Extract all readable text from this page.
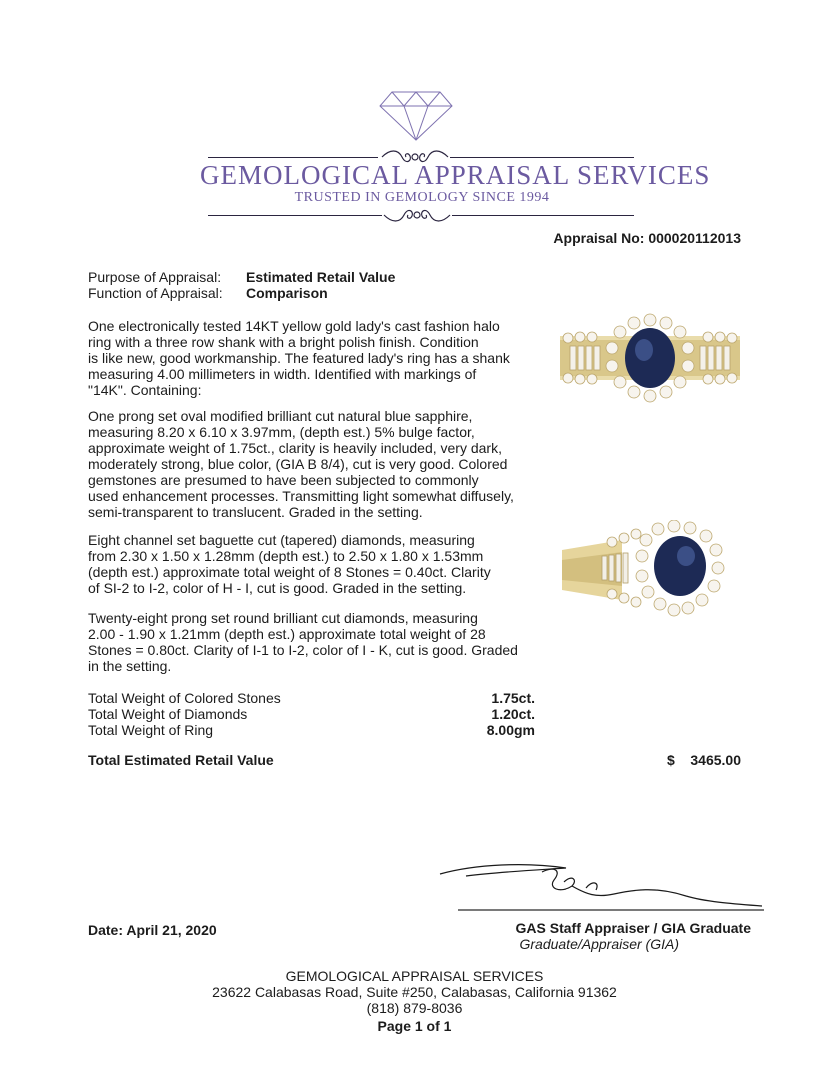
GEMOLOGICAL APPRAISAL SERVICES
TRUSTED IN GEMOLOGY SINCE 1994
Appraisal No: 000020112013
Purpose of Appraisal: Estimated Retail Value
Function of Appraisal: Comparison
One electronically tested 14KT yellow gold lady's cast fashion halo
ring with a three row shank with a bright polish finish. Condition
is like new, good workmanship. The featured lady's ring has a shank
measuring 4.00 millimeters in width. Identified with markings of
"14K". Containing:
One prong set oval modified brilliant cut natural blue sapphire,
measuring 8.20 x 6.10 x 3.97mm, (depth est.) 5% bulge factor,
approximate weight of 1.75ct., clarity is heavily included, very dark,
moderately strong, blue color, (GIA B 8/4), cut is very good. Colored
gemstones are presumed to have been subjected to commonly
used enhancement processes. Transmitting light somewhat diffusely,
semi-transparent to translucent. Graded in the setting.
Eight channel set baguette cut (tapered) diamonds, measuring
from 2.30 x 1.50 x 1.28mm (depth est.) to 2.50 x 1.80 x 1.53mm
(depth est.) approximate total weight of 8 Stones = 0.40ct. Clarity
of SI-2 to I-2, color of H - I, cut is good. Graded in the setting.
Twenty-eight prong set round brilliant cut diamonds, measuring
2.00 - 1.90 x 1.21mm (depth est.) approximate total weight of 28
Stones = 0.80ct. Clarity of I-1 to I-2, color of I - K, cut is good. Graded
in the setting.
Total Weight of Colored Stones	1.75ct.
Total Weight of Diamonds	1.20ct.
Total Weight of Ring	8.00gm
Total Estimated Retail Value	$    3465.00
Date: April 21, 2020	GAS Staff Appraiser / GIA Graduate
Graduate/Appraiser (GIA)
GEMOLOGICAL APPRAISAL SERVICES
23622 Calabasas Road, Suite #250, Calabasas, California 91362
(818) 879-8036
Page 1 of 1
